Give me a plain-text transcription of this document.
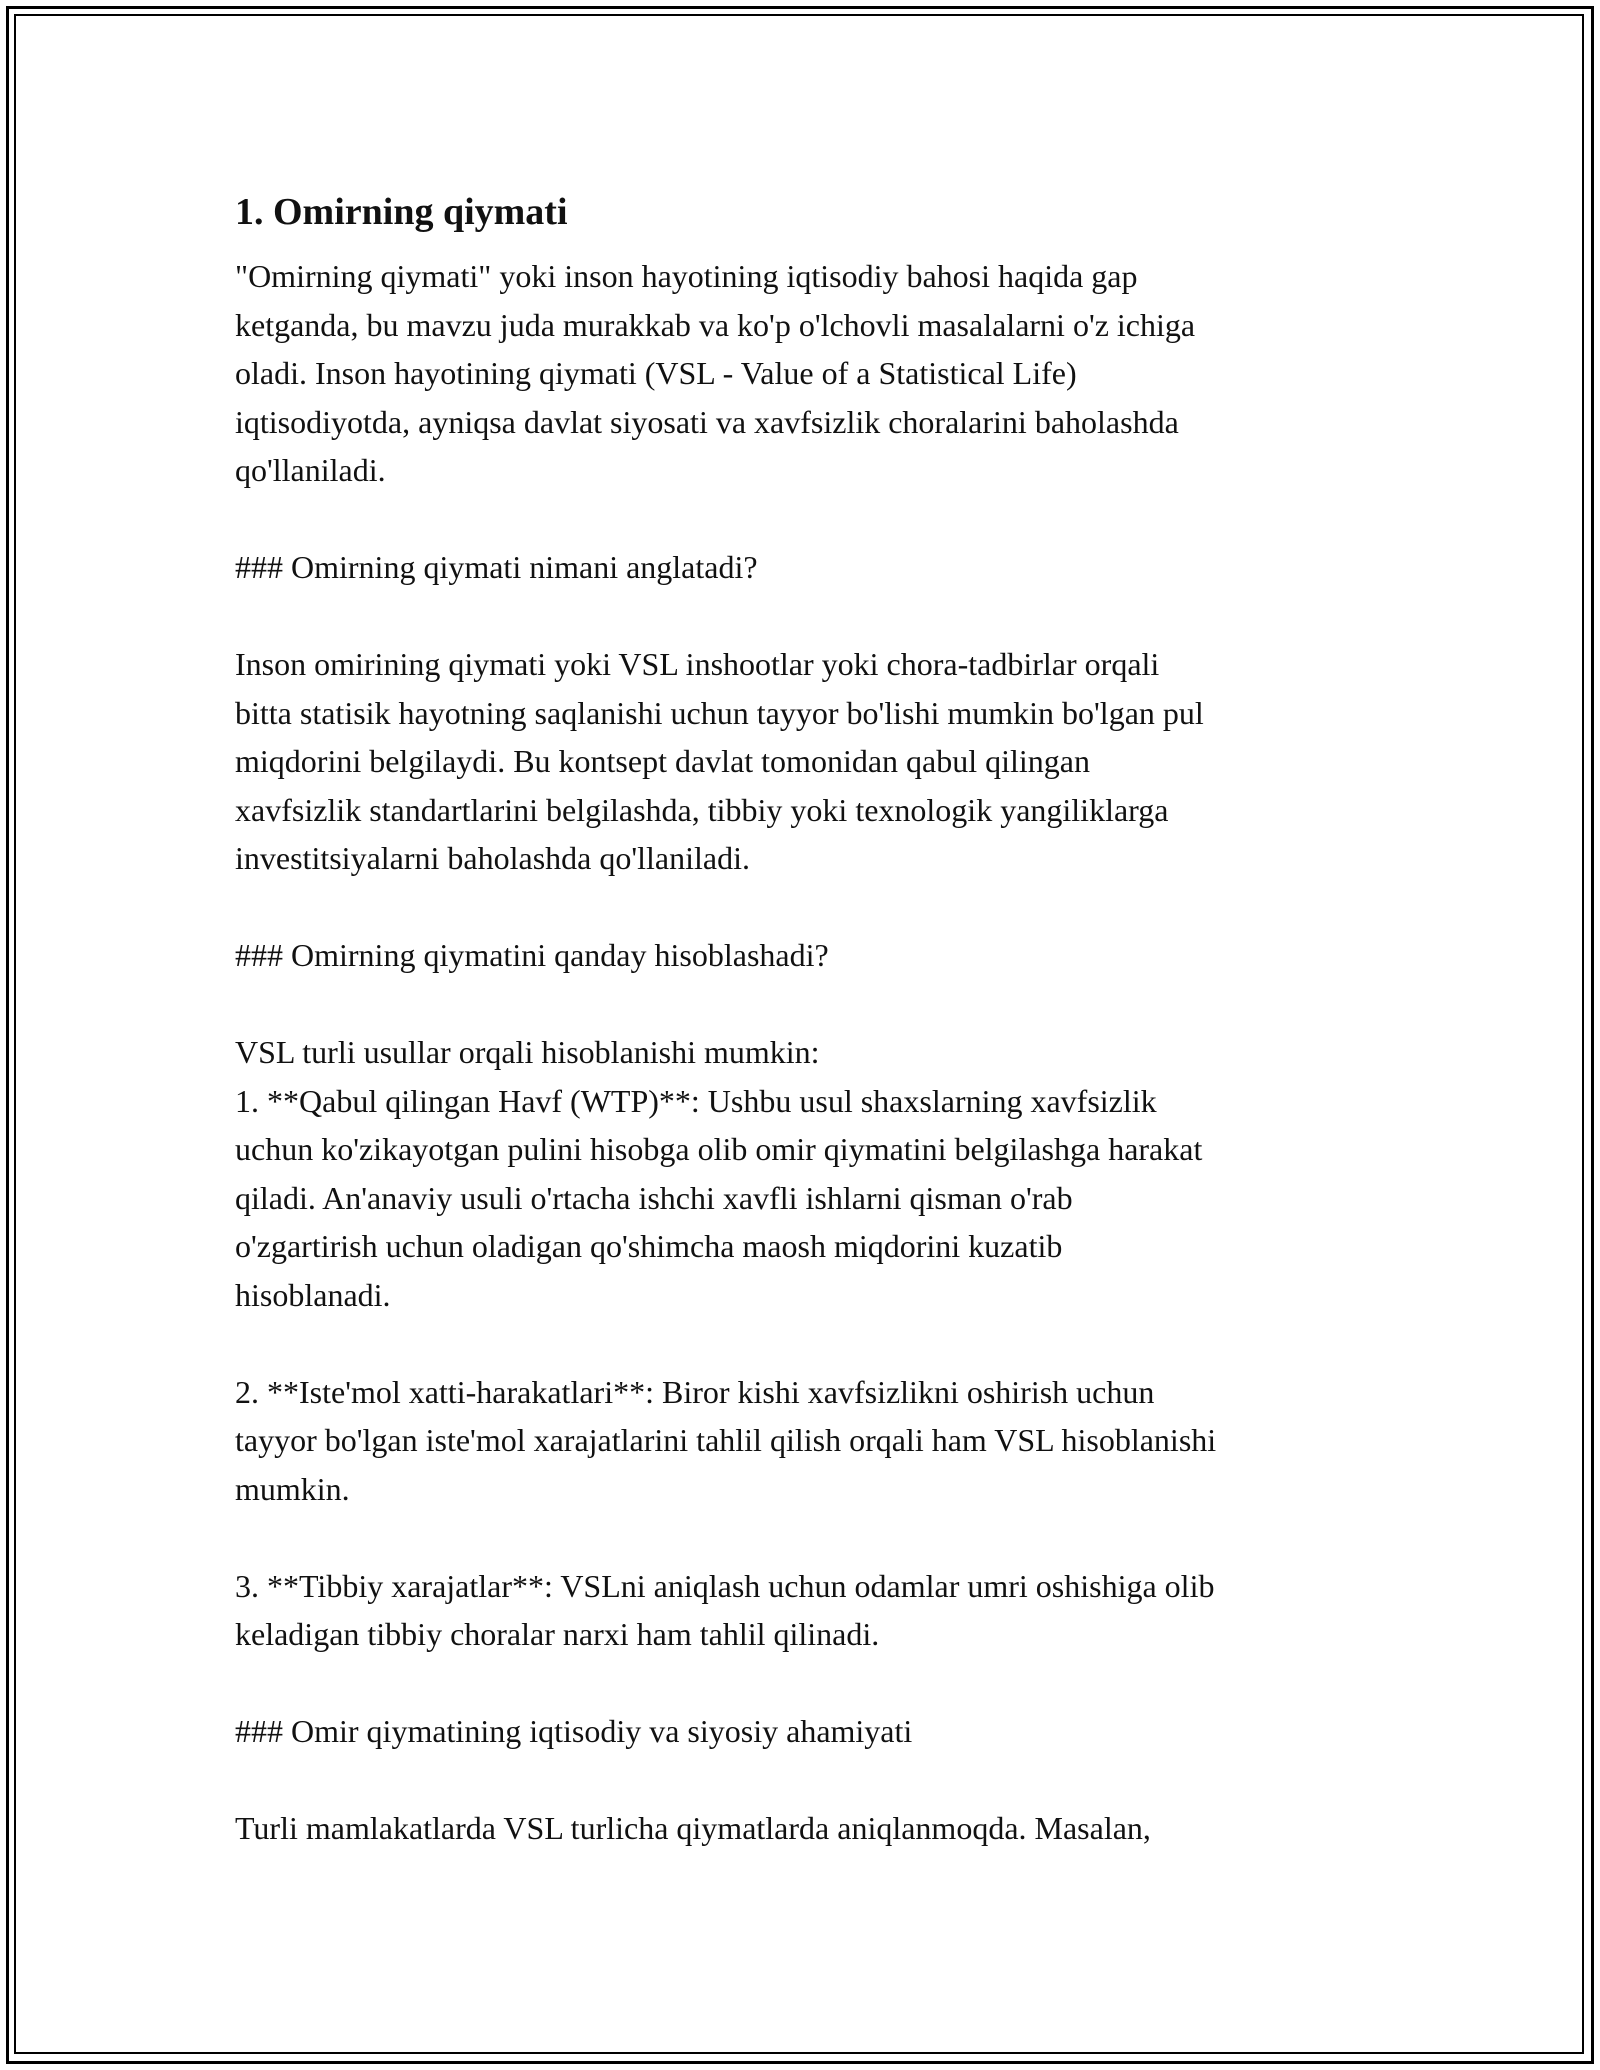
1. Omirning qiymati
"Omirning qiymati" yoki inson hayotining iqtisodiy bahosi haqida gap
ketganda, bu mavzu juda murakkab va ko'p o'lchovli masalalarni o'z ichiga
oladi. Inson hayotining qiymati (VSL - Value of a Statistical Life)
iqtisodiyotda, ayniqsa davlat siyosati va xavfsizlik choralarini baholashda
qo'llaniladi.
### Omirning qiymati nimani anglatadi?
Inson omirining qiymati yoki VSL inshootlar yoki chora-tadbirlar orqali
bitta statisik hayotning saqlanishi uchun tayyor bo'lishi mumkin bo'lgan pul
miqdorini belgilaydi. Bu kontsept davlat tomonidan qabul qilingan
xavfsizlik standartlarini belgilashda, tibbiy yoki texnologik yangiliklarga
investitsiyalarni baholashda qo'llaniladi.
### Omirning qiymatini qanday hisoblashadi?
VSL turli usullar orqali hisoblanishi mumkin:
1. **Qabul qilingan Havf (WTP)**: Ushbu usul shaxslarning xavfsizlik
uchun ko'zikayotgan pulini hisobga olib omir qiymatini belgilashga harakat
qiladi. An'anaviy usuli o'rtacha ishchi xavfli ishlarni qisman o'rab
o'zgartirish uchun oladigan qo'shimcha maosh miqdorini kuzatib
hisoblanadi.
2. **Iste'mol xatti-harakatlari**: Biror kishi xavfsizlikni oshirish uchun
tayyor bo'lgan iste'mol xarajatlarini tahlil qilish orqali ham VSL hisoblanishi
mumkin.
3. **Tibbiy xarajatlar**: VSLni aniqlash uchun odamlar umri oshishiga olib
keladigan tibbiy choralar narxi ham tahlil qilinadi.
### Omir qiymatining iqtisodiy va siyosiy ahamiyati
Turli mamlakatlarda VSL turlicha qiymatlarda aniqlanmoqda. Masalan,
